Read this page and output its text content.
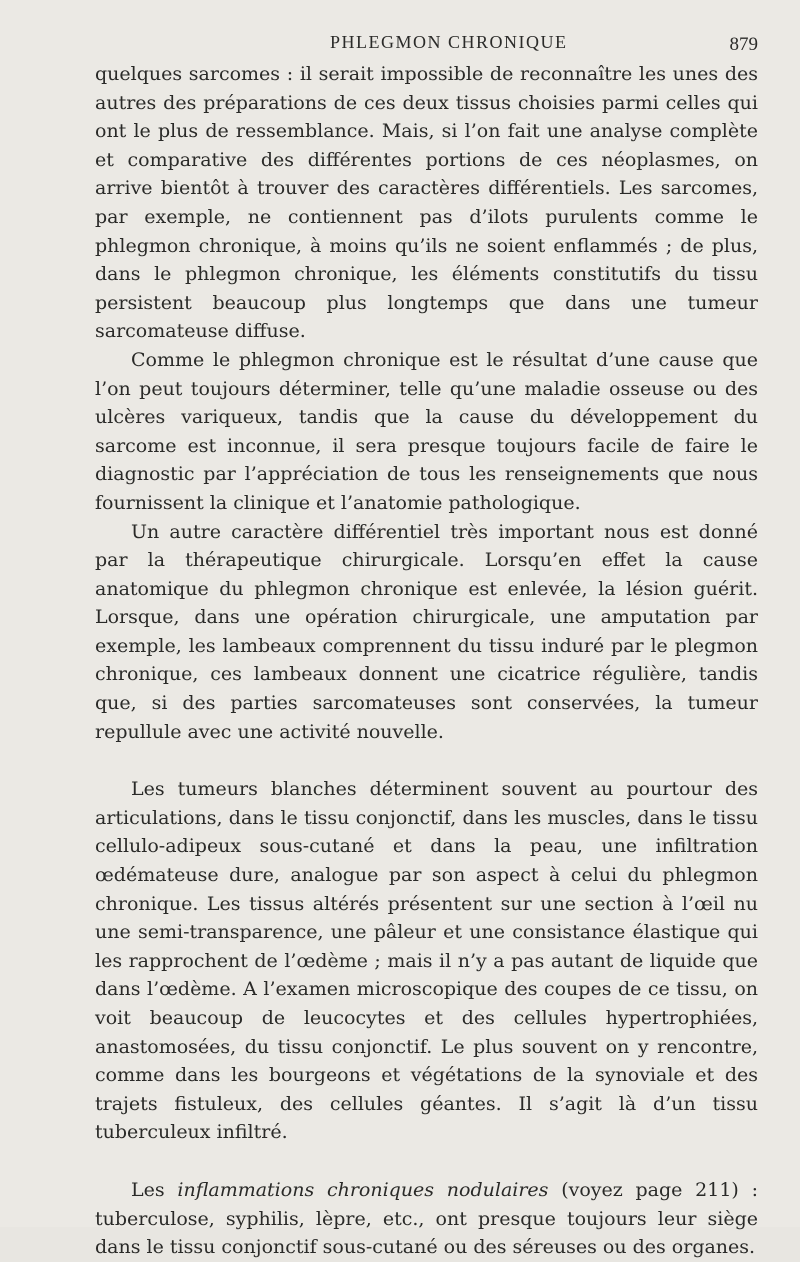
PHLEGMON CHRONIQUE	879

quelques sarcomes : il serait impossible de reconnaître les unes des autres des préparations de ces deux tissus choisies parmi celles qui ont le plus de ressemblance. Mais, si l’on fait une analyse complète et comparative des différentes portions de ces néoplasmes, on arrive bientôt à trouver des caractères différentiels. Les sarcomes, par exemple, ne contiennent pas d’ilots purulents comme le phlegmon chronique, à moins qu’ils ne soient enflammés ; de plus, dans le phlegmon chronique, les éléments constitutifs du tissu persistent beaucoup plus longtemps que dans une tumeur sarcomateuse diffuse.

Comme le phlegmon chronique est le résultat d’une cause que l’on peut toujours déterminer, telle qu’une maladie osseuse ou des ulcères variqueux, tandis que la cause du développement du sarcome est inconnue, il sera presque toujours facile de faire le diagnostic par l’appréciation de tous les renseignements que nous fournissent la clinique et l’anatomie pathologique.

Un autre caractère différentiel très important nous est donné par la thérapeutique chirurgicale. Lorsqu’en effet la cause anatomique du phlegmon chronique est enlevée, la lésion guérit. Lorsque, dans une opération chirurgicale, une amputation par exemple, les lambeaux comprennent du tissu induré par le plegmon chronique, ces lambeaux donnent une cicatrice régulière, tandis que, si des parties sarcomateuses sont conservées, la tumeur repullule avec une activité nouvelle.

Les tumeurs blanches déterminent souvent au pourtour des articulations, dans le tissu conjonctif, dans les muscles, dans le tissu cellulo-adipeux sous-cutané et dans la peau, une infiltration œdémateuse dure, analogue par son aspect à celui du phlegmon chronique. Les tissus altérés présentent sur une section à l’œil nu une semi-transparence, une pâleur et une consistance élastique qui les rapprochent de l’œdème ; mais il n’y a pas autant de liquide que dans l’œdème. A l’examen microscopique des coupes de ce tissu, on voit beaucoup de leucocytes et des cellules hypertrophiées, anastomosées, du tissu conjonctif. Le plus souvent on y rencontre, comme dans les bourgeons et végétations de la synoviale et des trajets fistuleux, des cellules géantes. Il s’agit là d’un tissu tuberculeux infiltré.

Les inflammations chroniques nodulaires (voyez page 211) : tuberculose, syphilis, lèpre, etc., ont presque toujours leur siège dans le tissu conjonctif sous-cutané ou des séreuses ou des organes.
